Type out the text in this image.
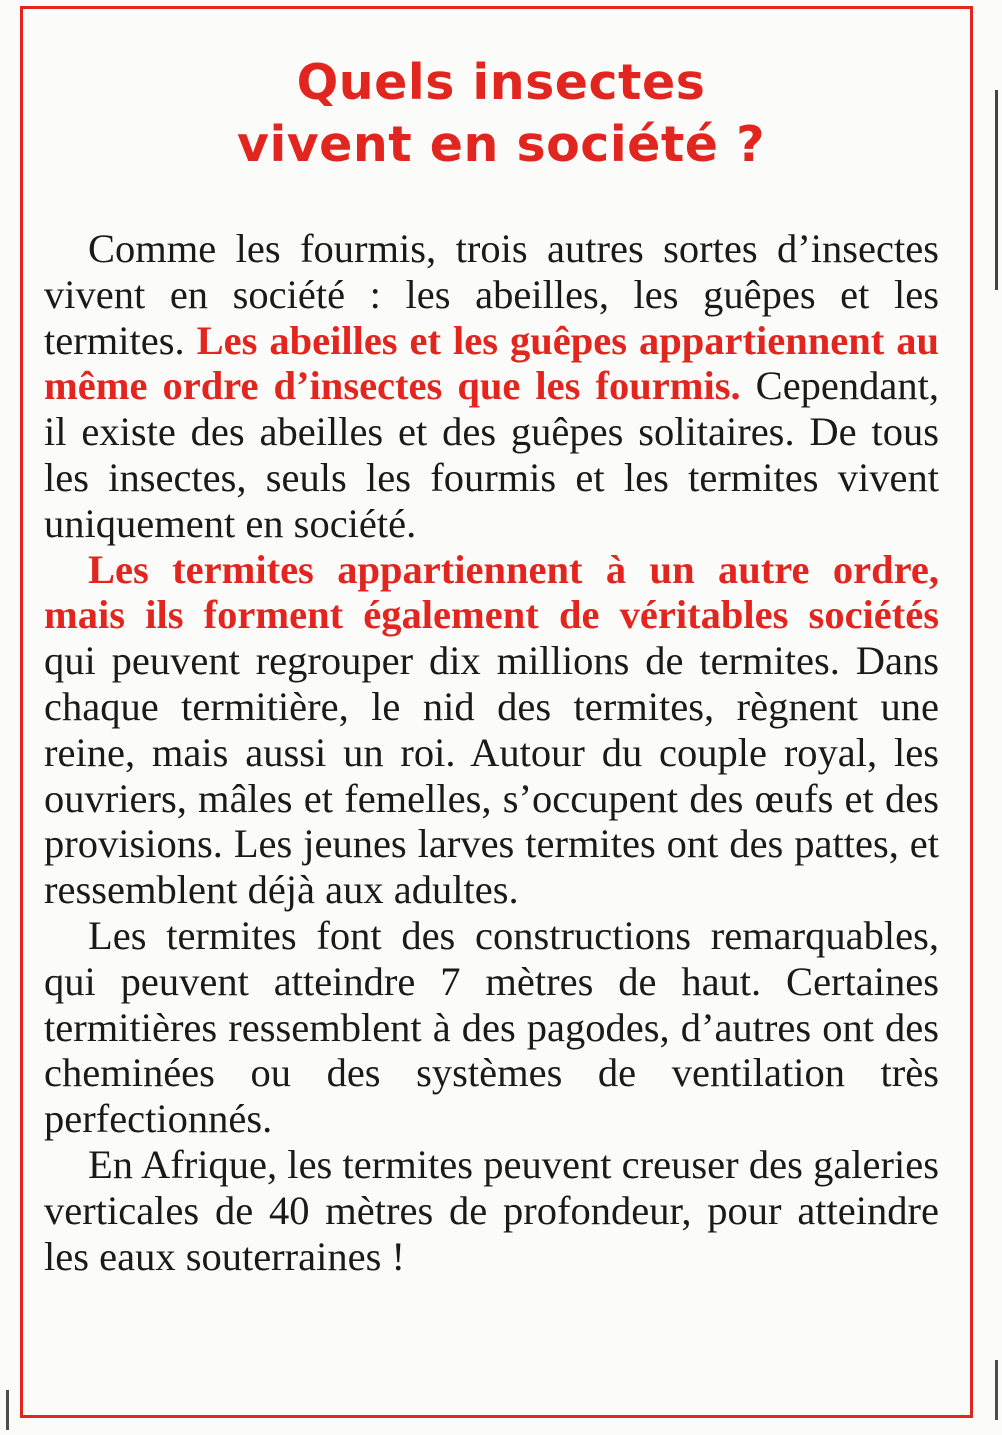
Quels insectes
vivent en société ?

Comme les fourmis, trois autres sortes d’insectes vivent en société : les abeilles, les guêpes et les termites. Les abeilles et les guêpes appartiennent au même ordre d’insectes que les fourmis. Cependant, il existe des abeilles et des guêpes solitaires. De tous les insectes, seuls les fourmis et les termites vivent uniquement en société.

Les termites appartiennent à un autre ordre, mais ils forment également de véritables sociétés qui peuvent regrouper dix millions de termites. Dans chaque termitière, le nid des termites, règnent une reine, mais aussi un roi. Autour du couple royal, les ouvriers, mâles et femelles, s’occupent des œufs et des provisions. Les jeunes larves termites ont des pattes, et ressemblent déjà aux adultes.

Les termites font des constructions remarquables, qui peuvent atteindre 7 mètres de haut. Certaines termitières ressemblent à des pagodes, d’autres ont des cheminées ou des systèmes de ventilation très perfectionnés.

En Afrique, les termites peuvent creuser des galeries verticales de 40 mètres de profondeur, pour atteindre les eaux souterraines !
